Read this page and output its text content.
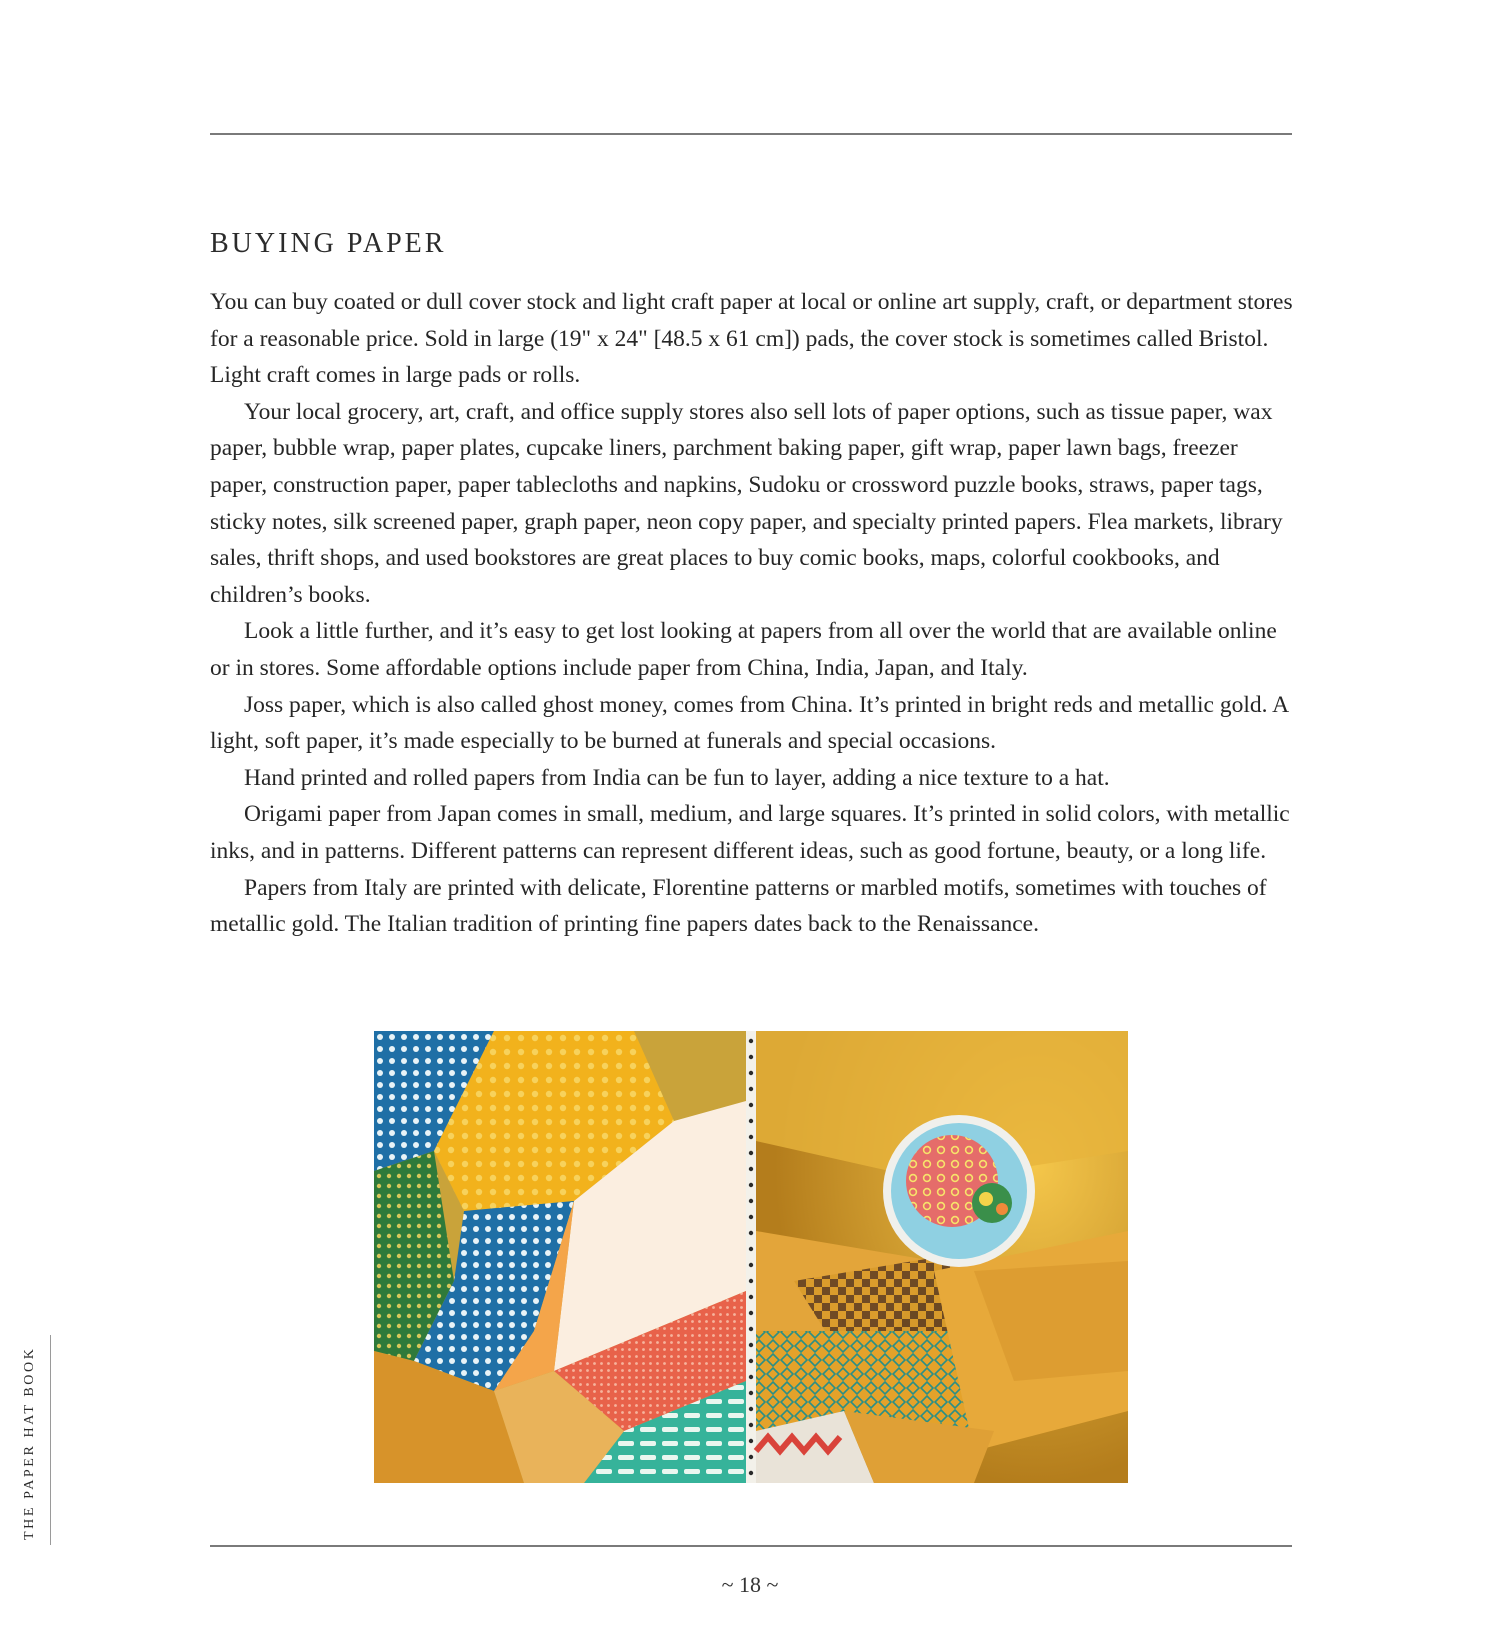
BUYING PAPER

You can buy coated or dull cover stock and light craft paper at local or online art supply, craft, or department stores for a reasonable price. Sold in large (19" x 24" [48.5 x 61 cm]) pads, the cover stock is sometimes called Bristol. Light craft comes in large pads or rolls.

Your local grocery, art, craft, and office supply stores also sell lots of paper options, such as tissue paper, wax paper, bubble wrap, paper plates, cupcake liners, parchment baking paper, gift wrap, paper lawn bags, freezer paper, construction paper, paper tablecloths and napkins, Sudoku or crossword puzzle books, straws, paper tags, sticky notes, silk screened paper, graph paper, neon copy paper, and specialty printed papers. Flea markets, library sales, thrift shops, and used bookstores are great places to buy comic books, maps, colorful cookbooks, and children’s books.

Look a little further, and it’s easy to get lost looking at papers from all over the world that are available online or in stores. Some affordable options include paper from China, India, Japan, and Italy.

Joss paper, which is also called ghost money, comes from China. It’s printed in bright reds and metallic gold. A light, soft paper, it’s made especially to be burned at funerals and special occasions.

Hand printed and rolled papers from India can be fun to layer, adding a nice texture to a hat.

Origami paper from Japan comes in small, medium, and large squares. It’s printed in solid colors, with metallic inks, and in patterns. Different patterns can represent different ideas, such as good fortune, beauty, or a long life.

Papers from Italy are printed with delicate, Florentine patterns or marbled motifs, sometimes with touches of metallic gold. The Italian tradition of printing fine papers dates back to the Renaissance.

~ 18 ~
THE PAPER HAT BOOK
